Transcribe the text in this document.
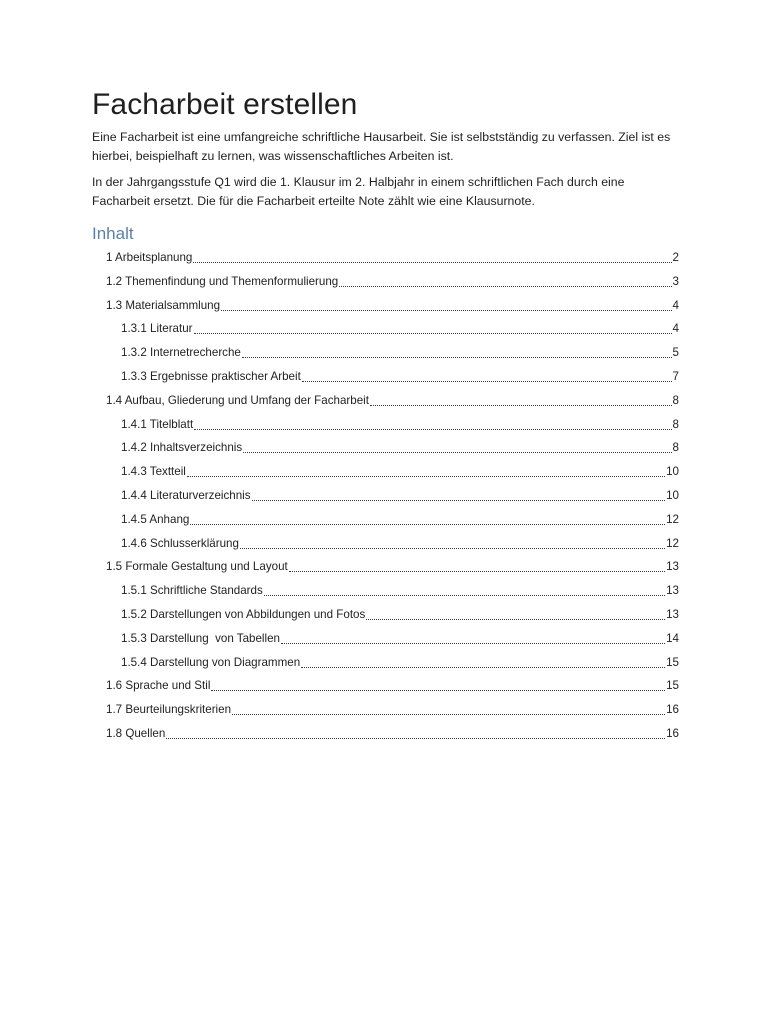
Facharbeit erstellen

Eine Facharbeit ist eine umfangreiche schriftliche Hausarbeit. Sie ist selbstständig zu verfassen. Ziel ist es hierbei, beispielhaft zu lernen, was wissenschaftliches Arbeiten ist.

In der Jahrgangsstufe Q1 wird die 1. Klausur im 2. Halbjahr in einem schriftlichen Fach durch eine Facharbeit ersetzt. Die für die Facharbeit erteilte Note zählt wie eine Klausurnote.

Inhalt
1 Arbeitsplanung	2
1.2 Themenfindung und Themenformulierung	3
1.3 Materialsammlung	4
1.3.1 Literatur	4
1.3.2 Internetrecherche	5
1.3.3 Ergebnisse praktischer Arbeit	7
1.4 Aufbau, Gliederung und Umfang der Facharbeit	8
1.4.1 Titelblatt	8
1.4.2 Inhaltsverzeichnis	8
1.4.3 Textteil	10
1.4.4 Literaturverzeichnis	10
1.4.5 Anhang	12
1.4.6 Schlusserklärung	12
1.5 Formale Gestaltung und Layout	13
1.5.1 Schriftliche Standards	13
1.5.2 Darstellungen von Abbildungen und Fotos	13
1.5.3 Darstellung  von Tabellen	14
1.5.4 Darstellung von Diagrammen	15
1.6 Sprache und Stil	15
1.7 Beurteilungskriterien	16
1.8 Quellen	16
